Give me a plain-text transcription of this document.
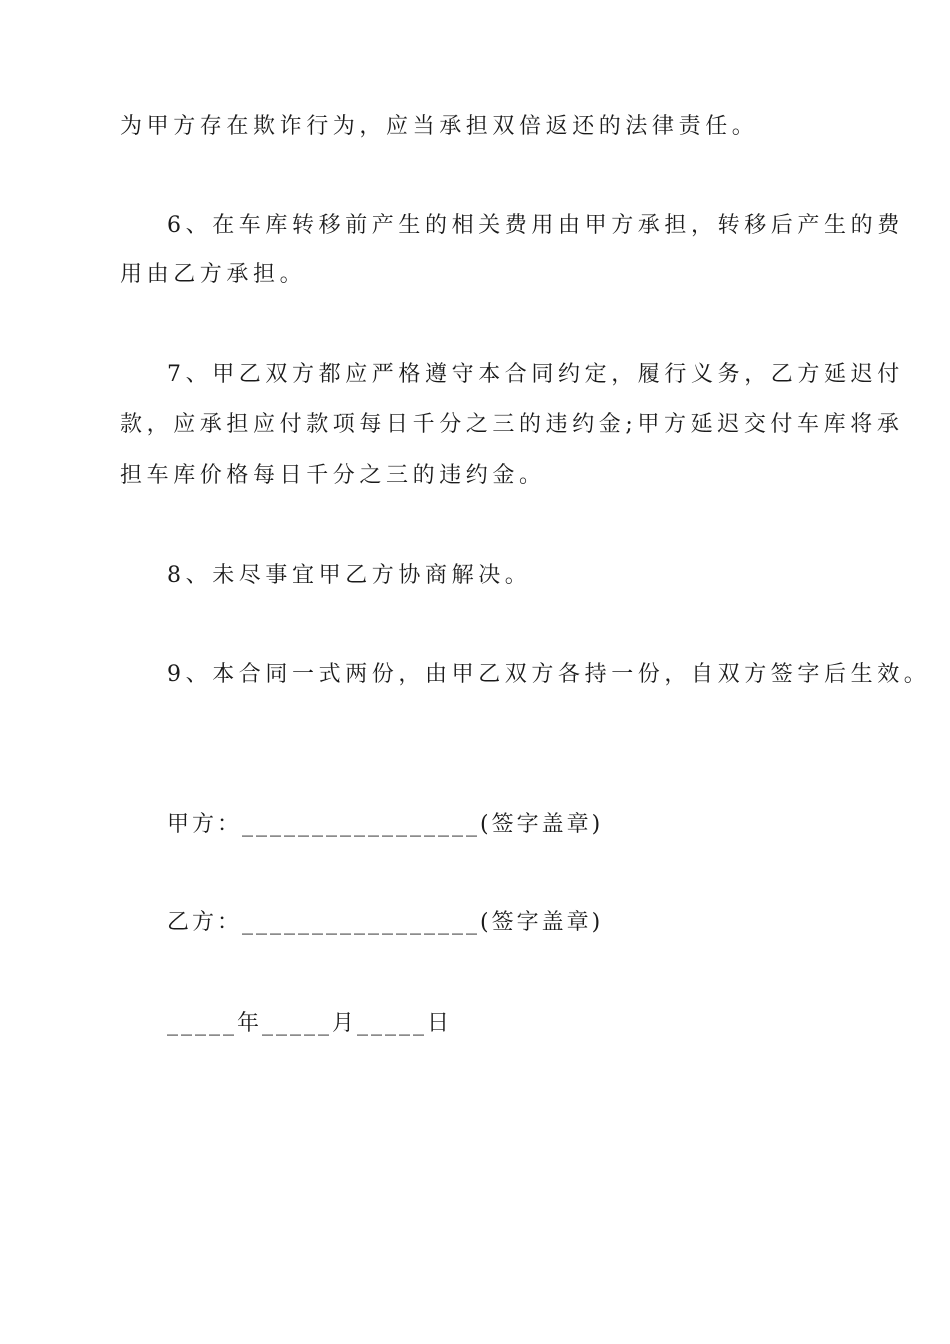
为甲方存在欺诈行为，应当承担双倍返还的法律责任。

6、在车库转移前产生的相关费用由甲方承担，转移后产生的费

用由乙方承担。

7、甲乙双方都应严格遵守本合同约定，履行义务，乙方延迟付

款，应承担应付款项每日千分之三的违约金;甲方延迟交付车库将承

担车库价格每日千分之三的违约金。

8、未尽事宜甲乙方协商解决。

9、本合同一式两份，由甲乙双方各持一份，自双方签字后生效。

甲方：_________________(签字盖章)

乙方：_________________(签字盖章)

_____年_____月_____日
